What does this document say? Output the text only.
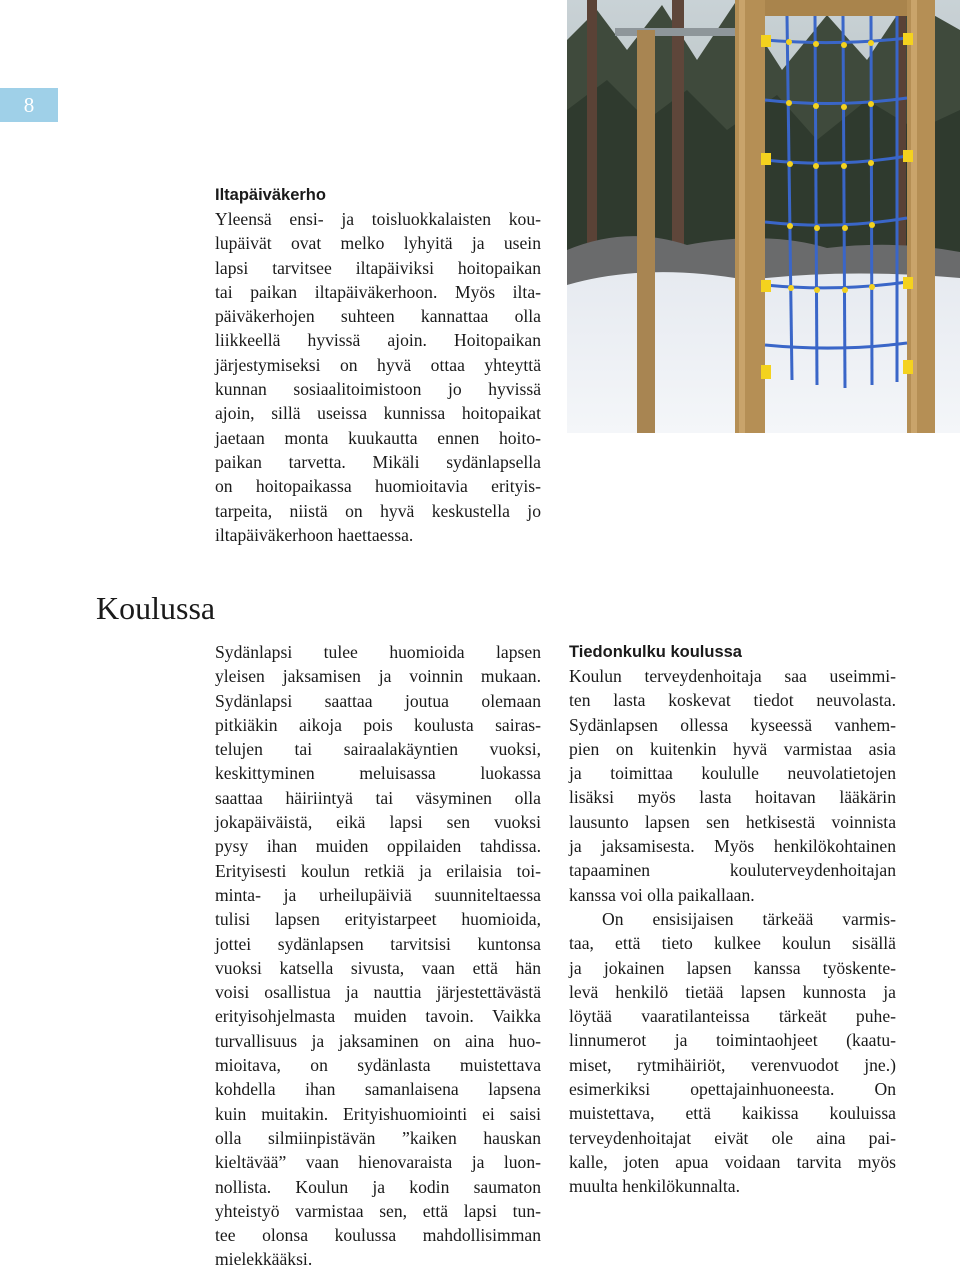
8
Iltapäiväkerho
Yleensä ensi- ja toisluokkalaisten kou-
lupäivät ovat melko lyhyitä ja usein
lapsi tarvitsee iltapäiviksi hoitopaikan
tai paikan iltapäiväkerhoon. Myös ilta-
päiväkerhojen suhteen kannattaa olla
liikkeellä hyvissä ajoin. Hoitopaikan
järjestymiseksi on hyvä ottaa yhteyttä
kunnan sosiaalitoimistoon jo hyvissä
ajoin, sillä useissa kunnissa hoitopaikat
jaetaan monta kuukautta ennen hoito-
paikan tarvetta. Mikäli sydänlapsella
on hoitopaikassa huomioitavia erityis-
tarpeita, niistä on hyvä keskustella jo
iltapäiväkerhoon haettaessa.
Koulussa
Sydänlapsi tulee huomioida lapsen
yleisen jaksamisen ja voinnin mukaan.
Sydänlapsi saattaa joutua olemaan
pitkiäkin aikoja pois koulusta sairas-
telujen tai sairaalakäyntien vuoksi,
keskittyminen meluisassa luokassa
saattaa häiriintyä tai väsyminen olla
jokapäiväistä, eikä lapsi sen vuoksi
pysy ihan muiden oppilaiden tahdissa.
Erityisesti koulun retkiä ja erilaisia toi-
minta- ja urheilupäiviä suunniteltaessa
tulisi lapsen erityistarpeet huomioida,
jottei sydänlapsen tarvitsisi kuntonsa
vuoksi katsella sivusta, vaan että hän
voisi osallistua ja nauttia järjestettävästä
erityisohjelmasta muiden tavoin. Vaikka
turvallisuus ja jaksaminen on aina huo-
mioitava, on sydänlasta muistettava
kohdella ihan samanlaisena lapsena
kuin muitakin. Erityishuomiointi ei saisi
olla silmiinpistävän ”kaiken hauskan
kieltävää” vaan hienovaraista ja luon-
nollista. Koulun ja kodin saumaton
yhteistyö varmistaa sen, että lapsi tun-
tee olonsa koulussa mahdollisimman
mielekkääksi.
Tiedonkulku koulussa
Koulun terveydenhoitaja saa useimmi-
ten lasta koskevat tiedot neuvolasta.
Sydänlapsen ollessa kyseessä vanhem-
pien on kuitenkin hyvä varmistaa asia
ja toimittaa koululle neuvolatietojen
lisäksi myös lasta hoitavan lääkärin
lausunto lapsen sen hetkisestä voinnista
ja jaksamisesta. Myös henkilökohtainen
tapaaminen kouluterveydenhoitajan
kanssa voi olla paikallaan.
On ensisijaisen tärkeää varmis-
taa, että tieto kulkee koulun sisällä
ja jokainen lapsen kanssa työskente-
levä henkilö tietää lapsen kunnosta ja
löytää vaaratilanteissa tärkeät puhe-
linnumerot ja toimintaohjeet (kaatu-
miset, rytmihäiriöt, verenvuodot jne.)
esimerkiksi opettajainhuoneesta. On
muistettava, että kaikissa kouluissa
terveydenhoitajat eivät ole aina pai-
kalle, joten apua voidaan tarvita myös
muulta henkilökunnalta.
